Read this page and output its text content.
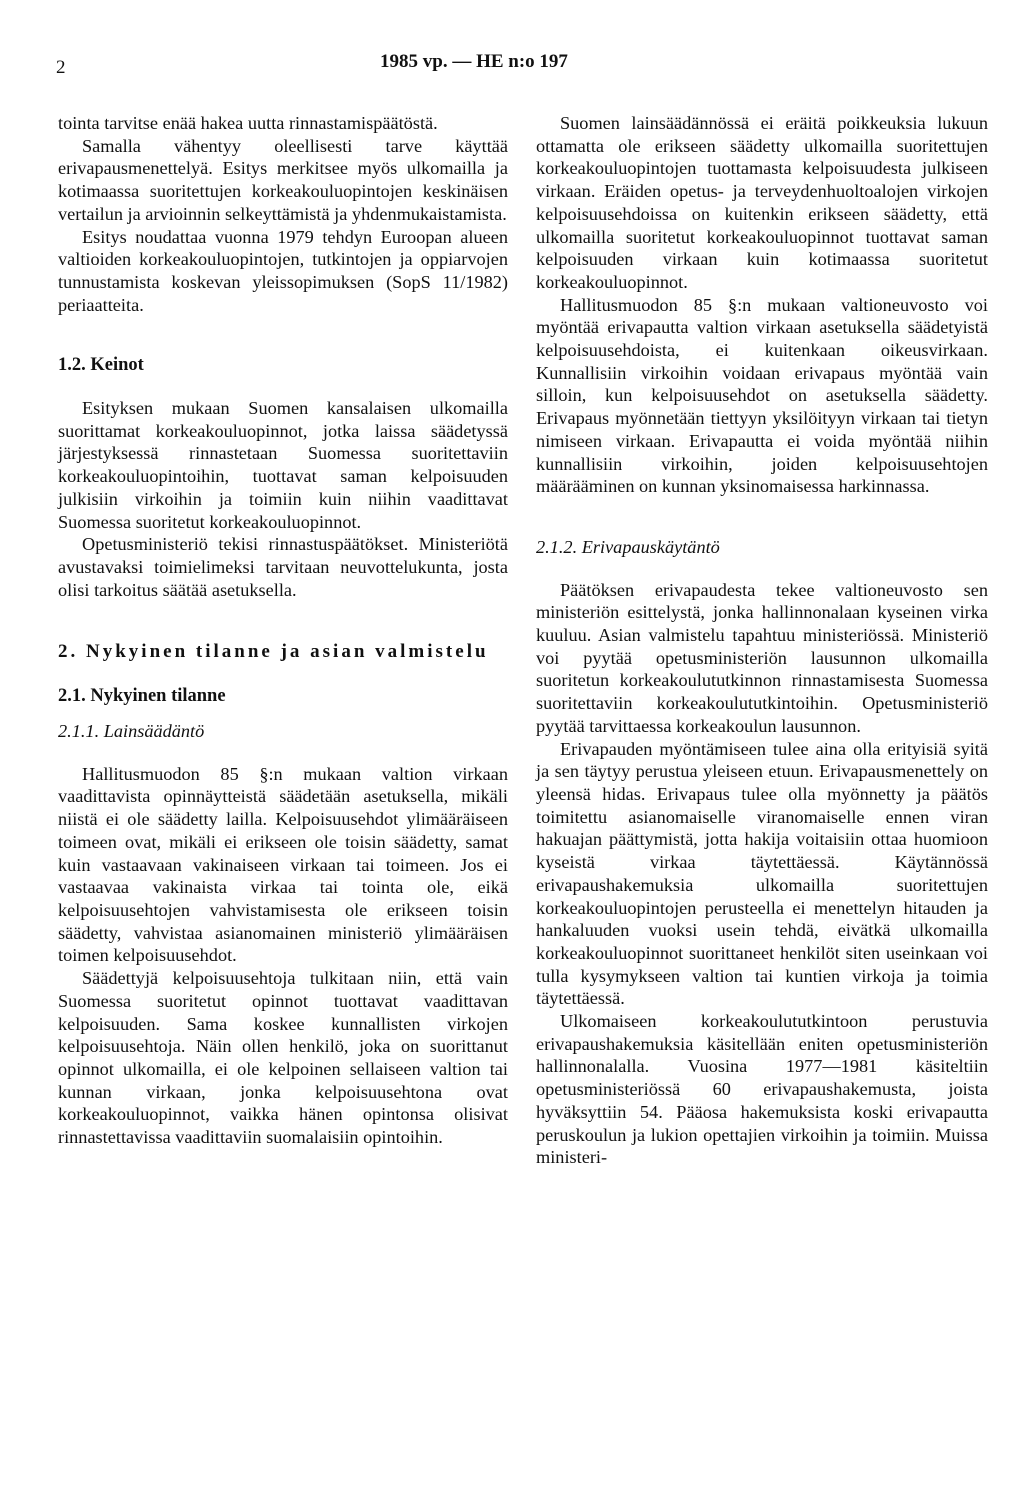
2	1985 vp. — HE n:o 197

tointa tarvitse enää hakea uutta rinnastamispäätöstä.

Samalla vähentyy oleellisesti tarve käyttää erivapausmenettelyä. Esitys merkitsee myös ulkomailla ja kotimaassa suoritettujen korkeakouluopintojen keskinäisen vertailun ja arvioinnin selkeyttämistä ja yhdenmukaistamista.

Esitys noudattaa vuonna 1979 tehdyn Euroopan alueen valtioiden korkeakouluopintojen, tutkintojen ja oppiarvojen tunnustamista koskevan yleissopimuksen (SopS 11/1982) periaatteita.

1.2. Keinot

Esityksen mukaan Suomen kansalaisen ulkomailla suorittamat korkeakouluopinnot, jotka laissa säädetyssä järjestyksessä rinnastetaan Suomessa suoritettaviin korkeakouluopintoihin, tuottavat saman kelpoisuuden julkisiin virkoihin ja toimiin kuin niihin vaadittavat Suomessa suoritetut korkeakouluopinnot.

Opetusministeriö tekisi rinnastuspäätökset. Ministeriötä avustavaksi toimielimeksi tarvitaan neuvottelukunta, josta olisi tarkoitus säätää asetuksella.

2. Nykyinen tilanne ja asian valmistelu
2.1. Nykyinen tilanne
2.1.1. Lainsäädäntö

Hallitusmuodon 85 §:n mukaan valtion virkaan vaadittavista opinnäytteistä säädetään asetuksella, mikäli niistä ei ole säädetty laillа. Kelpoisuusehdot ylimääräiseen toimeen ovat, mikäli ei erikseen ole toisin säädetty, samat kuin vastaavaan vakinaiseen virkaan tai toimeen. Jos ei vastaavaa vakinaista virkaa tai tointa ole, eikä kelpoisuusehtojen vahvistamisesta ole erikseen toisin säädetty, vahvistaa asianomainen ministeriö ylimääräisen toimen kelpoisuusehdot.

Säädettyjä kelpoisuusehtoja tulkitaan niin, että vain Suomessa suoritetut opinnot tuottavat vaadittavan kelpoisuuden. Sama koskee kunnallisten virkojen kelpoisuusehtoja. Näin ollen henkilö, joka on suorittanut opinnot ulkomailla, ei ole kelpoinen sellaiseen valtion tai kunnan virkaan, jonka kelpoisuusehtona ovat korkeakouluopinnot, vaikka hänen opintonsa olisivat rinnastettavissa vaadittaviin suomalaisiin opintoihin.

Suomen lainsäädännössä ei eräitä poikkeuksia lukuun ottamatta ole erikseen säädetty ulkomailla suoritettujen korkeakouluopintojen tuottamasta kelpoisuudesta julkiseen virkaan. Eräiden opetus- ja terveydenhuoltoalojen virkojen kelpoisuusehdoissa on kuitenkin erikseen säädetty, että ulkomailla suoritetut korkeakouluopinnot tuottavat saman kelpoisuuden virkaan kuin kotimaassa suoritetut korkeakouluopinnot.

Hallitusmuodon 85 §:n mukaan valtioneuvosto voi myöntää erivapautta valtion virkaan asetuksella säädetyistä kelpoisuusehdoista, ei kuitenkaan oikeusvirkaan. Kunnallisiin virkoihin voidaan erivapaus myöntää vain silloin, kun kelpoisuusehdot on asetuksella säädetty. Erivapaus myönnetään tiettyyn yksilöityyn virkaan tai tietyn nimiseen virkaan. Erivapautta ei voida myöntää niihin kunnallisiin virkoihin, joiden kelpoisuusehtojen määrääminen on kunnan yksinomaisessa harkinnassa.

2.1.2. Erivapauskäytäntö

Päätöksen erivapaudesta tekee valtioneuvosto sen ministeriön esittelystä, jonka hallinnonalaan kyseinen virka kuuluu. Asian valmistelu tapahtuu ministeriössä. Ministeriö voi pyytää opetusministeriön lausunnon ulkomailla suoritetun korkeakoulututkinnon rinnastamisesta Suomessa suoritettaviin korkeakoulututkintoihin. Opetusministeriö pyytää tarvittaessa korkeakoulun lausunnon.

Erivapauden myöntämiseen tulee aina olla erityisiä syitä ja sen täytyy perustua yleiseen etuun. Erivapausmenettely on yleensä hidas. Erivapaus tulee olla myönnetty ja päätös toimitettu asianomaiselle viranomaiselle ennen viran hakuajan päättymistä, jotta hakija voitaisiin ottaa huomioon kyseistä virkaa täytettäessä. Käytännössä erivapaushakemuksia ulkomailla suoritettujen korkeakouluopintojen perusteella ei menettelyn hitauden ja hankaluuden vuoksi usein tehdä, eivätkä ulkomailla korkeakouluopinnot suorittaneet henkilöt siten useinkaan voi tulla kysymykseen valtion tai kuntien virkoja ja toimia täytettäessä.

Ulkomaiseen korkeakoulututkintoon perustuvia erivapaushakemuksia käsitellään eniten opetusministeriön hallinnonalalla. Vuosina 1977—1981 käsiteltiin opetusministeriössä 60 erivapaushakemusta, joista hyväksyttiin 54. Pääosa hakemuksista koski erivapautta peruskoulun ja lukion opettajien virkoihin ja toimiin. Muissa ministeri-
